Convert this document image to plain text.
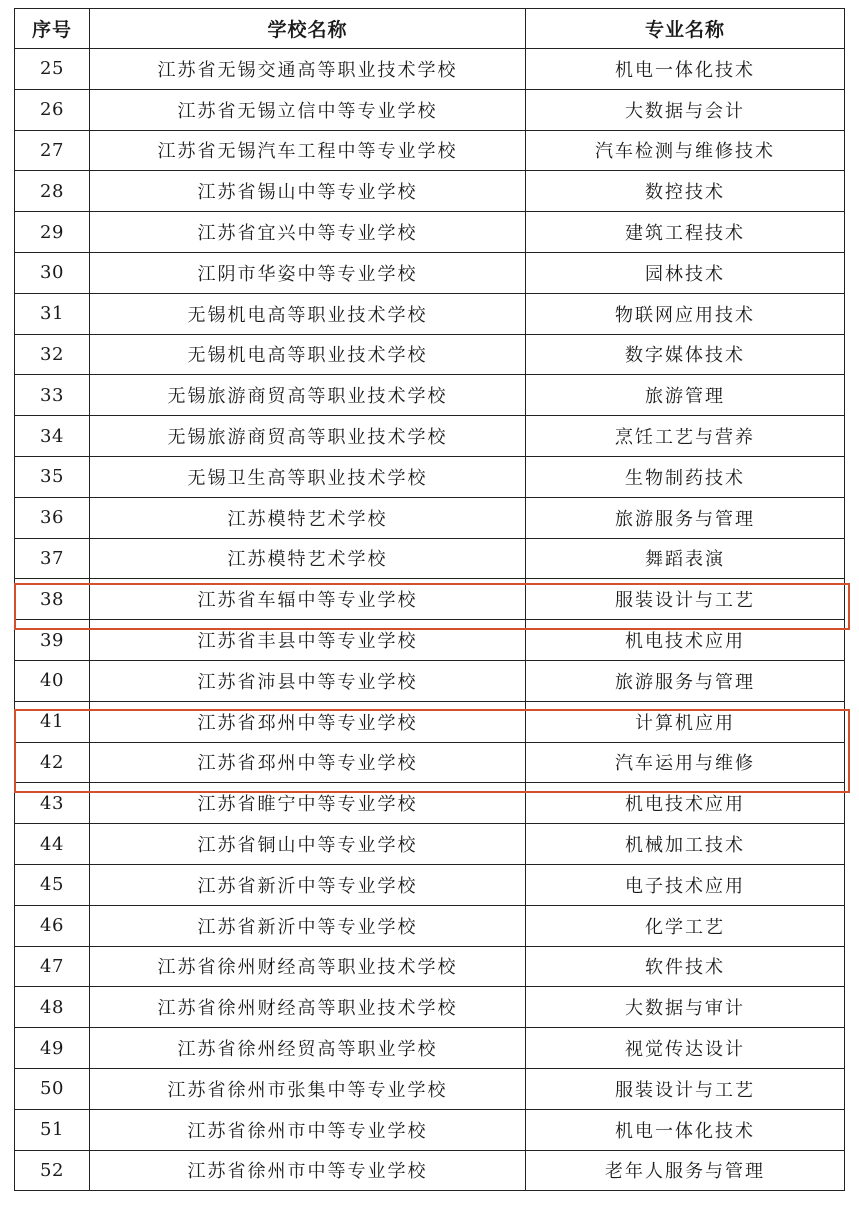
序号	学校名称	专业名称
25	江苏省无锡交通高等职业技术学校	机电一体化技术
26	江苏省无锡立信中等专业学校	大数据与会计
27	江苏省无锡汽车工程中等专业学校	汽车检测与维修技术
28	江苏省锡山中等专业学校	数控技术
29	江苏省宜兴中等专业学校	建筑工程技术
30	江阴市华姿中等专业学校	园林技术
31	无锡机电高等职业技术学校	物联网应用技术
32	无锡机电高等职业技术学校	数字媒体技术
33	无锡旅游商贸高等职业技术学校	旅游管理
34	无锡旅游商贸高等职业技术学校	烹饪工艺与营养
35	无锡卫生高等职业技术学校	生物制药技术
36	江苏模特艺术学校	旅游服务与管理
37	江苏模特艺术学校	舞蹈表演
38	江苏省车辐中等专业学校	服装设计与工艺
39	江苏省丰县中等专业学校	机电技术应用
40	江苏省沛县中等专业学校	旅游服务与管理
41	江苏省邳州中等专业学校	计算机应用
42	江苏省邳州中等专业学校	汽车运用与维修
43	江苏省睢宁中等专业学校	机电技术应用
44	江苏省铜山中等专业学校	机械加工技术
45	江苏省新沂中等专业学校	电子技术应用
46	江苏省新沂中等专业学校	化学工艺
47	江苏省徐州财经高等职业技术学校	软件技术
48	江苏省徐州财经高等职业技术学校	大数据与审计
49	江苏省徐州经贸高等职业学校	视觉传达设计
50	江苏省徐州市张集中等专业学校	服装设计与工艺
51	江苏省徐州市中等专业学校	机电一体化技术
52	江苏省徐州市中等专业学校	老年人服务与管理
